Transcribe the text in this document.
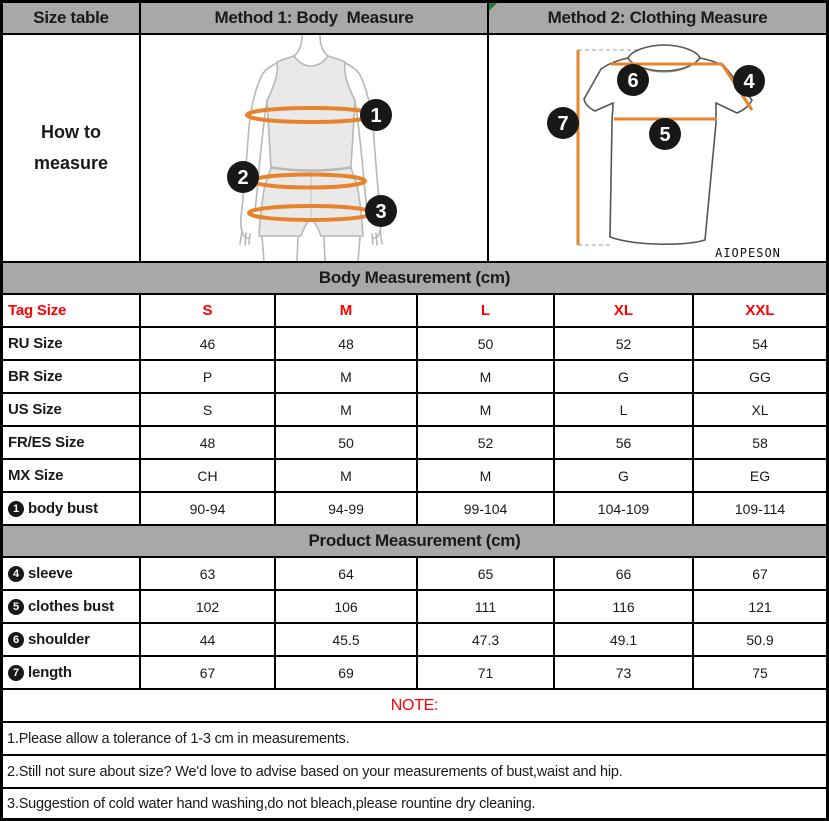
Size table	Method 1: Body  Measure	Method 2: Clothing Measure
How to measure
1
2
3
6	4
7	5
AIOPESON
Body Measurement (cm)
Tag Size	S	M	L	XL	XXL
RU Size	46	48	50	52	54
BR Size	P	M	M	G	GG
US Size	S	M	M	L	XL
FR/ES Size	48	50	52	56	58
MX Size	CH	M	M	G	EG
1 body bust	90-94	94-99	99-104	104-109	109-114
Product Measurement (cm)
4 sleeve	63	64	65	66	67
5 clothes bust	102	106	111	116	121
6 shoulder	44	45.5	47.3	49.1	50.9
7 length	67	69	71	73	75
NOTE:
1.Please allow a tolerance of 1-3 cm in measurements.
2.Still not sure about size? We'd love to advise based on your measurements of bust,waist and hip.
3.Suggestion of cold water hand washing,do not bleach,please rountine dry cleaning.
